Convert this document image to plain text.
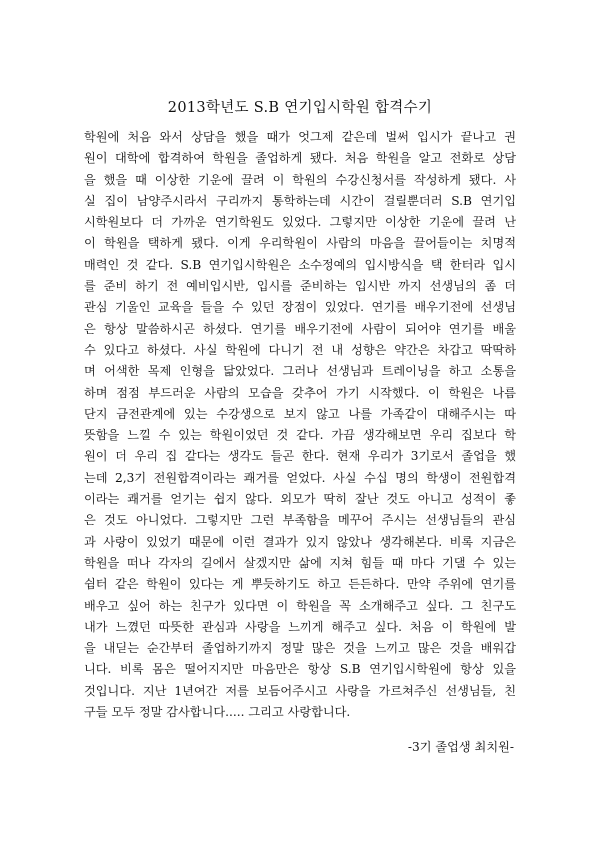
2013학년도 S.B 연기입시학원 합격수기
학원에 처음 와서 상담을 했을 때가 엇그제 같은데 벌써 입시가 끝나고 권
원이 대학에 합격하여 학원을 졸업하게 됐다. 처음 학원을 알고 전화로 상담
을 했을 때 이상한 기운에 끌려 이 학원의 수강신청서를 작성하게 됐다. 사
실 집이 남양주시라서 구리까지 통학하는데 시간이 걸릴뿐더러 S.B 연기입
시학원보다 더 가까운 연기학원도 있었다. 그렇지만 이상한 기운에 끌려 난
이 학원을 택하게 됐다. 이게 우리학원이 사람의 마음을 끌어들이는 치명적
매력인 것 같다. S.B 연기입시학원은 소수정예의 입시방식을 택 한터라 입시
를 준비 하기 전 예비입시반, 입시를 준비하는 입시반 까지 선생님의 좀 더
관심 기울인 교육을 들을 수 있던 장점이 있었다. 연기를 배우기전에 선생님
은 항상 말씀하시곤 하셨다. 연기를 배우기전에 사람이 되어야 연기를 배울
수 있다고 하셨다. 사실 학원에 다니기 전 내 성향은 약간은 차갑고 딱딱하
며 어색한 목제 인형을 닮았었다. 그러나 선생님과 트레이닝을 하고 소통을
하며 점점 부드러운 사람의 모습을 갖추어 가기 시작했다. 이 학원은 나름
단지 금전관계에 있는 수강생으로 보지 않고 나를 가족같이 대해주시는 따
뜻함을 느낄 수 있는 학원이었던 것 같다. 가끔 생각해보면 우리 집보다 학
원이 더 우리 집 같다는 생각도 들곤 한다. 현재 우리가 3기로서 졸업을 했
는데 2,3기 전원합격이라는 쾌거를 얻었다. 사실 수십 명의 학생이 전원합격
이라는 쾌거를 얻기는 쉽지 않다. 외모가 딱히 잘난 것도 아니고 성적이 좋
은 것도 아니었다. 그렇지만 그런 부족함을 메꾸어 주시는 선생님들의 관심
과 사랑이 있었기 때문에 이런 결과가 있지 않았나 생각해본다. 비록 지금은
학원을 떠나 각자의 길에서 살겠지만 삶에 지쳐 힘들 때 마다 기댈 수 있는
쉼터 같은 학원이 있다는 게 뿌듯하기도 하고 든든하다. 만약 주위에 연기를
배우고 싶어 하는 친구가 있다면 이 학원을 꼭 소개해주고 싶다. 그 친구도
내가 느꼈던 따뜻한 관심과 사랑을 느끼게 해주고 싶다. 처음 이 학원에 발
을 내딛는 순간부터 졸업하기까지 정말 많은 것을 느끼고 많은 것을 배워갑
니다. 비록 몸은 떨어지지만 마음만은 항상 S.B 연기입시학원에 항상 있을
것입니다. 지난 1년여간 저를 보듬어주시고 사랑을 가르쳐주신 선생님들, 친
구들 모두 정말 감사합니다..... 그리고 사랑합니다.
-3기 졸업생 최치원-
